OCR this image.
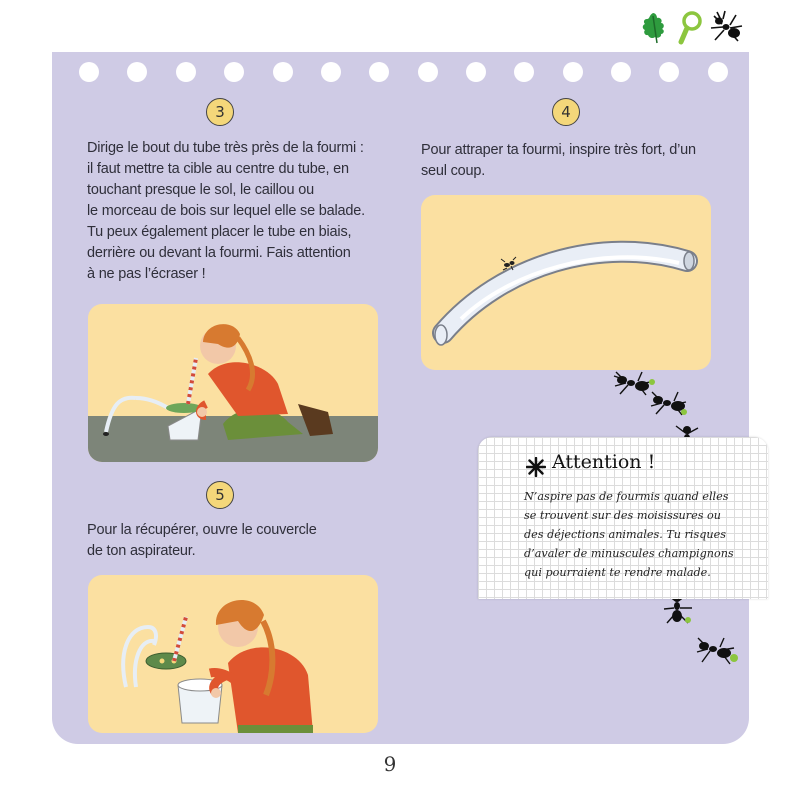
3

Dirige le bout du tube très près de la fourmi :
il faut mettre ta cible au centre du tube, en
touchant presque le sol, le caillou ou
le morceau de bois sur lequel elle se balade.
Tu peux également placer le tube en biais,
derrière ou devant la fourmi. Fais attention
à ne pas l’écraser !

5

Pour la récupérer, ouvre le couvercle
de ton aspirateur.

4

Pour attraper ta fourmi, inspire très fort, d’un
seul coup.

Attention !

N’aspire pas de fourmis quand elles
se trouvent sur des moisissures ou
des déjections animales. Tu risques
d’avaler de minuscules champignons
qui pourraient te rendre malade.

9
